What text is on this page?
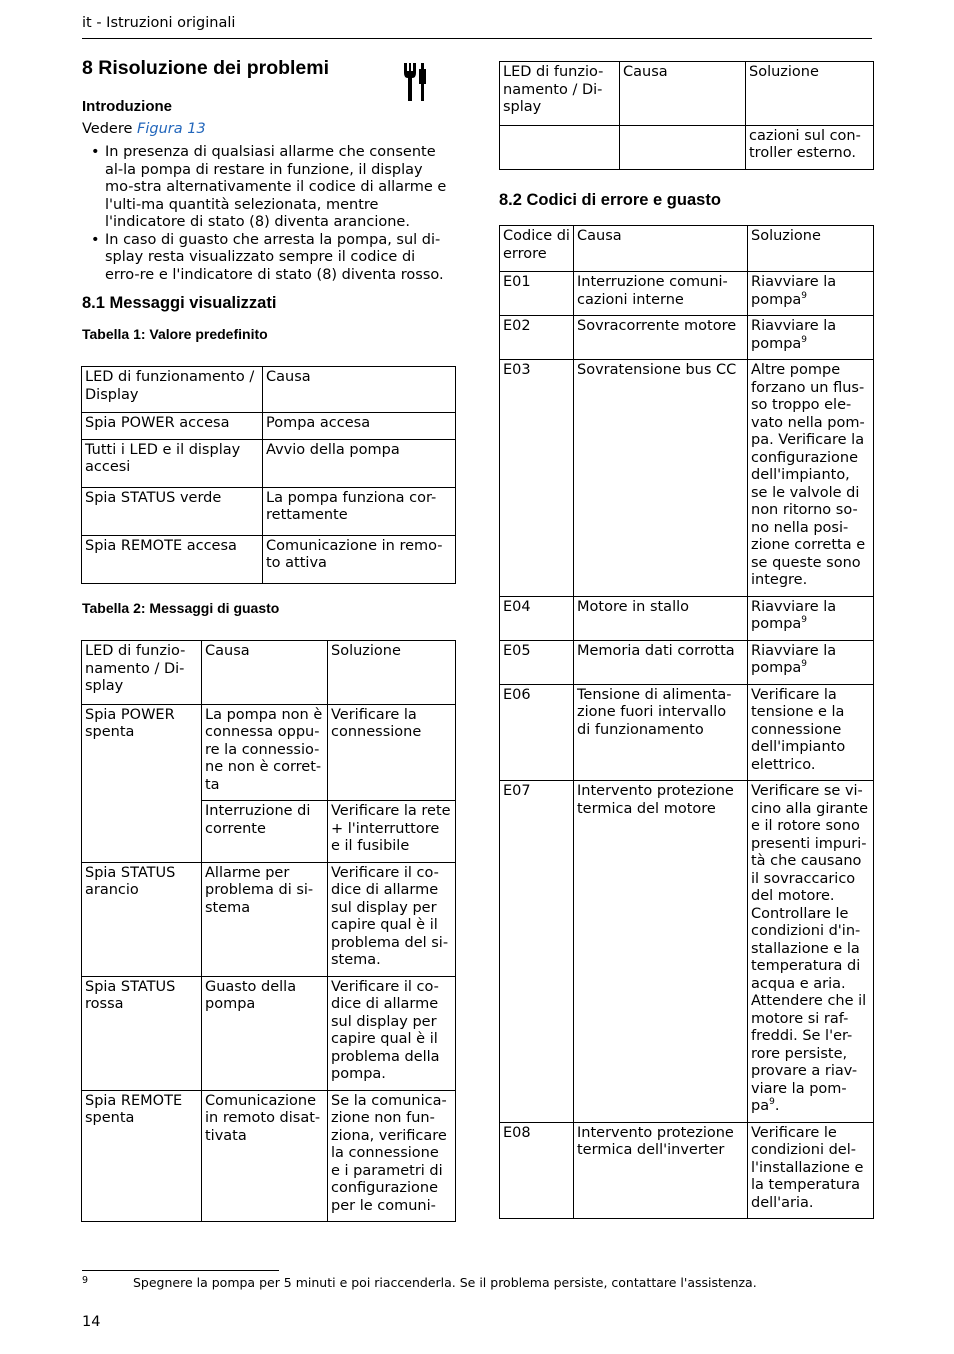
it - Istruzioni originali
8 Risoluzione dei problemi
Introduzione
Vedere Figura 13
• In presenza di qualsiasi allarme che consente al-la pompa di restare in funzione, il display mo-stra alternativamente il codice di allarme e l'ulti-ma quantità selezionata, mentre l'indicatore di stato (8) diventa arancione.
• In caso di guasto che arresta la pompa, sul di-splay resta visualizzato sempre il codice di erro-re e l'indicatore di stato (8) diventa rosso.
8.1 Messaggi visualizzati
Tabella 1: Valore predefinito
LED di funzionamento / Display	Causa
Spia POWER accesa	Pompa accesa
Tutti i LED e il display accesi	Avvio della pompa
Spia STATUS verde	La pompa funziona cor-rettamente
Spia REMOTE accesa	Comunicazione in remo-to attiva
Tabella 2: Messaggi di guasto
LED di funzio-namento / Di-splay	Causa	Soluzione
Spia POWER spenta	La pompa non è connessa oppu-re la connessio-ne non è corret-ta	Verificare la connessione
	Interruzione di corrente	Verificare la rete + l'interruttore e il fusibile
Spia STATUS arancio	Allarme per problema di si-stema	Verificare il co-dice di allarme sul display per capire qual è il problema del si-stema.
Spia STATUS rossa	Guasto della pompa	Verificare il co-dice di allarme sul display per capire qual è il problema della pompa.
Spia REMOTE spenta	Comunicazione in remoto disat-tivata	Se la comunica-zione non fun-ziona, verificare la connessione e i parametri di configurazione per le comuni-
LED di funzio-namento / Di-splay	Causa	Soluzione
		cazioni sul con-troller esterno.
8.2 Codici di errore e guasto
Codice di errore	Causa	Soluzione
E01	Interruzione comuni-cazioni interne	Riavviare la pompa$^9$
E02	Sovracorrente motore	Riavviare la pompa$^9$
E03	Sovratensione bus CC	Altre pompe forzano un flus-so troppo ele-vato nella pom-pa. Verificare la configurazione dell'impianto, se le valvole di non ritorno so-no nella posi-zione corretta e se queste sono integre.
E04	Motore in stallo	Riavviare la pompa$^9$
E05	Memoria dati corrotta	Riavviare la pompa$^9$
E06	Tensione di alimenta-zione fuori intervallo di funzionamento	Verificare la tensione e la connessione dell'impianto elettrico.
E07	Intervento protezione termica del motore	Verificare se vi-cino alla girante e il rotore sono presenti impuri-tà che causano il sovraccarico del motore. Controllare le condizioni d'in-stallazione e la temperatura di acqua e aria. Attendere che il motore si raf-freddi. Se l'er-rore persiste, provare a riav-viare la pom-$pa^9$.
E08	Intervento protezione termica dell'inverter	Verificare le condizioni del-l'installazione e la temperatura dell'aria.
9	Spegnere la pompa per 5 minuti e poi riaccenderla. Se il problema persiste, contattare l'assistenza.
14
